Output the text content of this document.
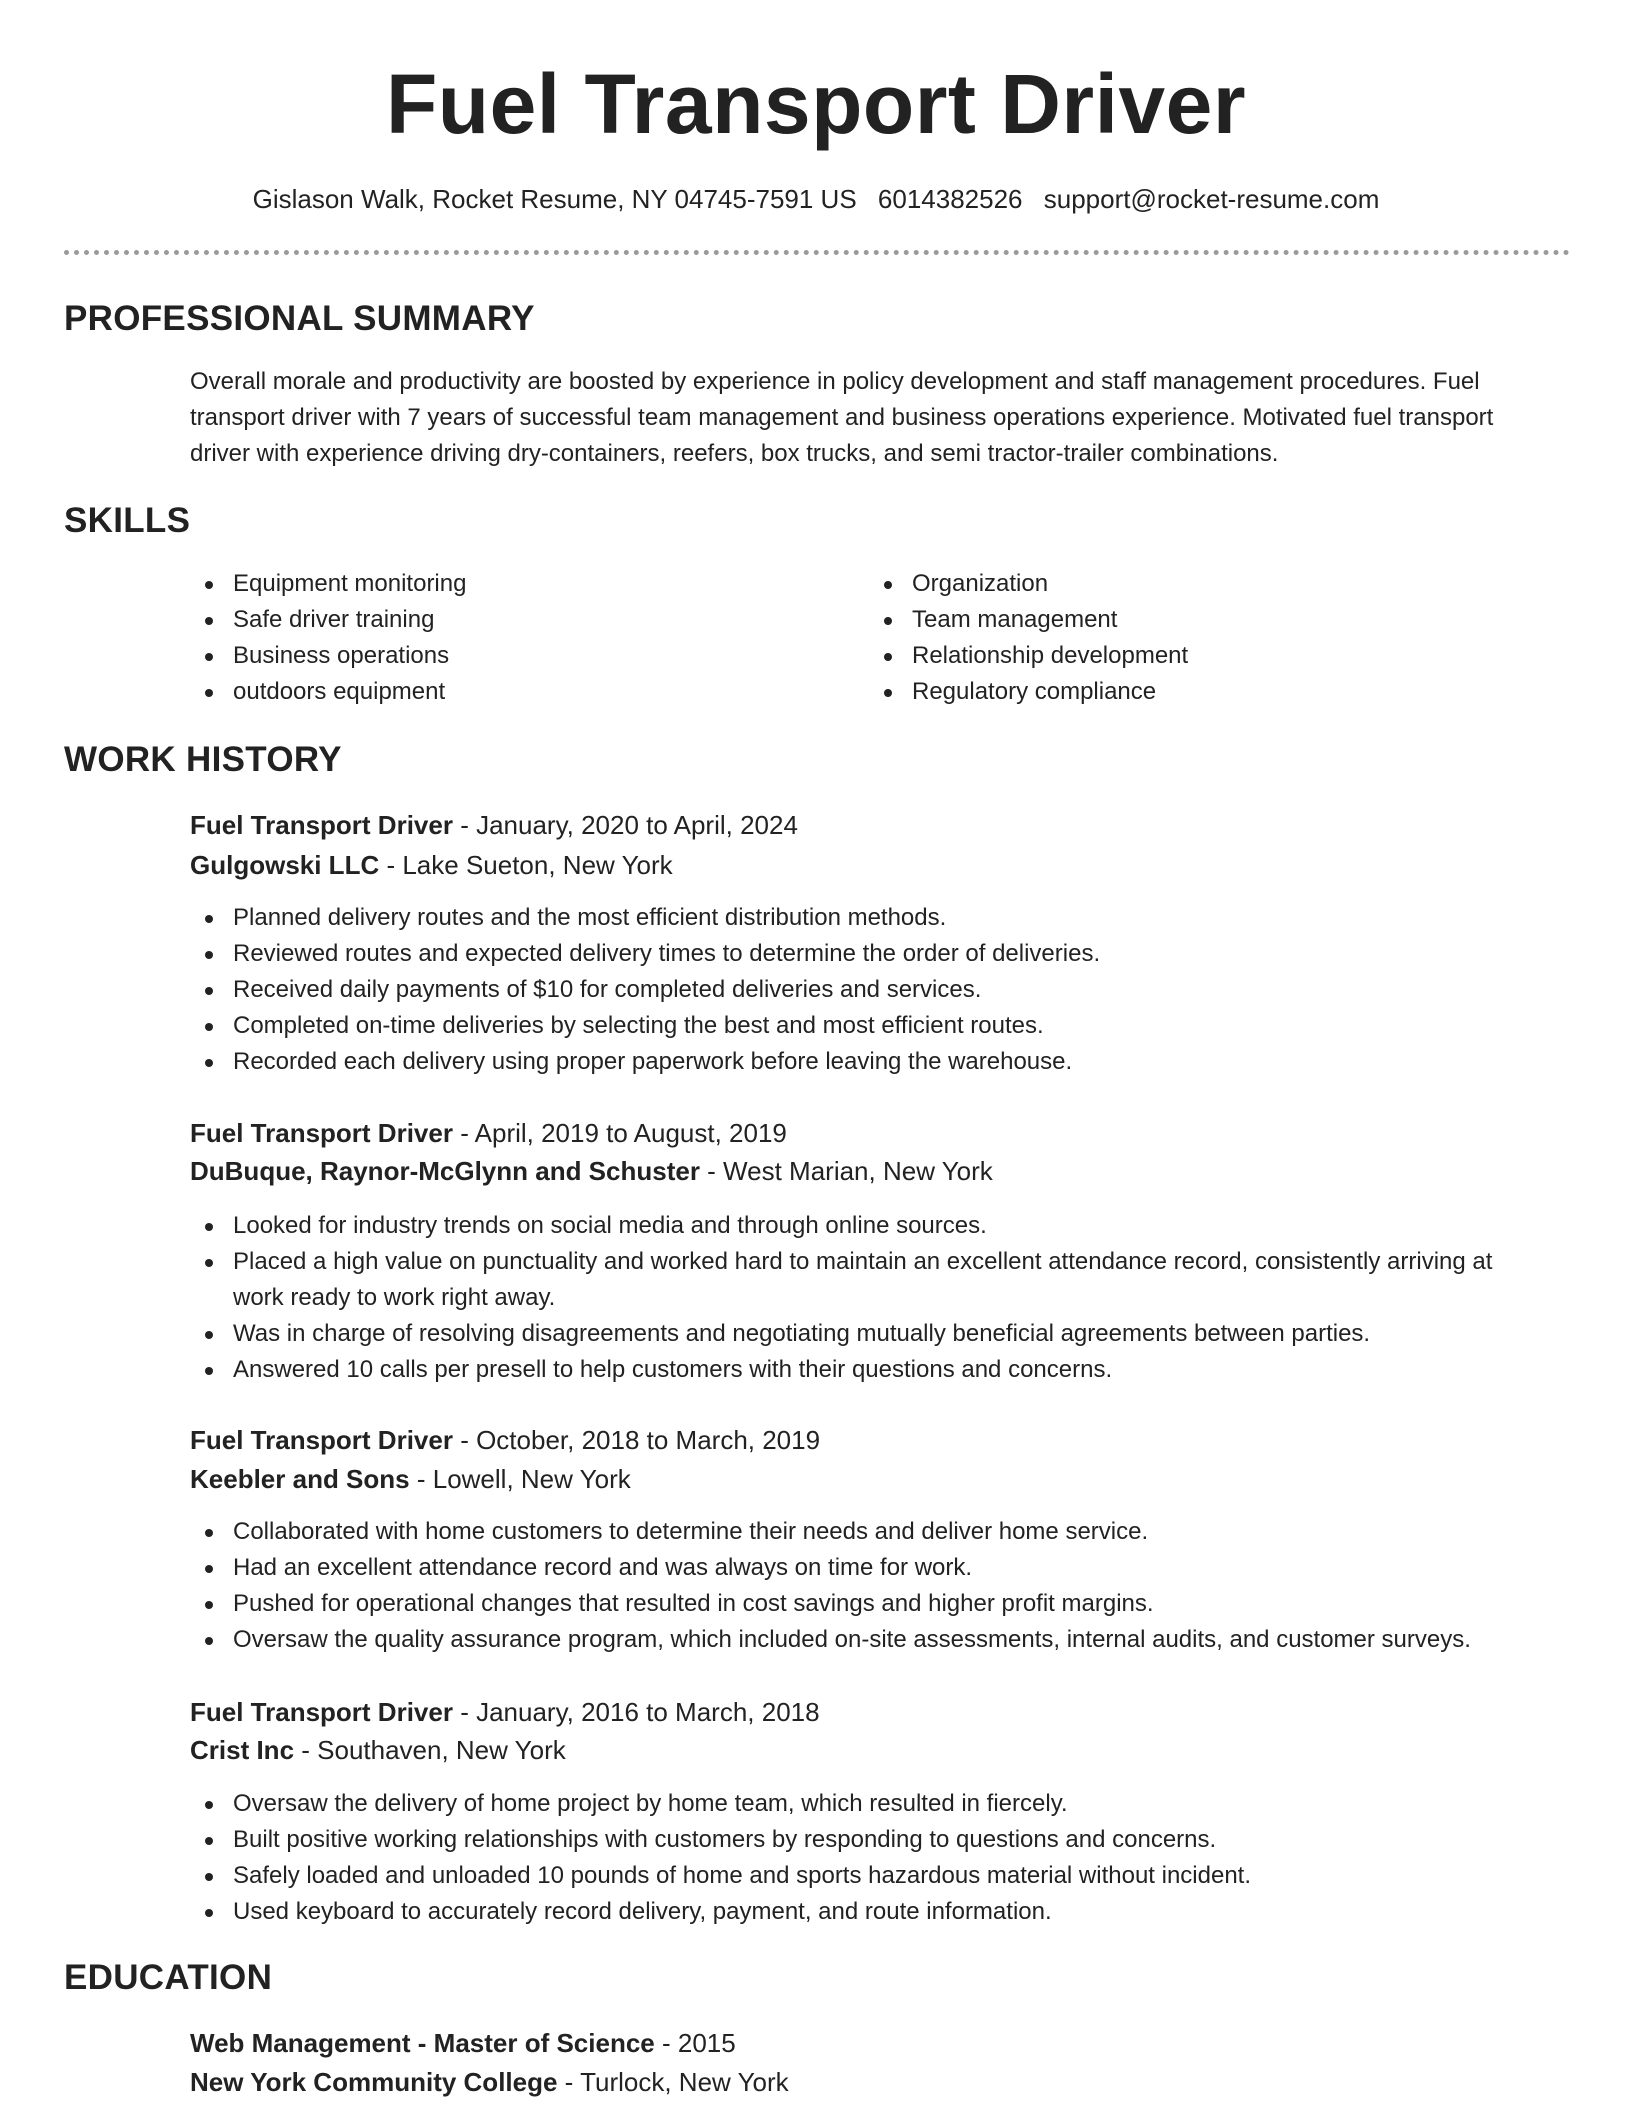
Fuel Transport Driver
Gislason Walk, Rocket Resume, NY 04745-7591 US 6014382526 support@rocket-resume.com
PROFESSIONAL SUMMARY
Overall morale and productivity are boosted by experience in policy development and staff management procedures. Fuel
transport driver with 7 years of successful team management and business operations experience. Motivated fuel transport
driver with experience driving dry-containers, reefers, box trucks, and semi tractor-trailer combinations.
SKILLS
Equipment monitoring
Safe driver training
Business operations
outdoors equipment
Organization
Team management
Relationship development
Regulatory compliance
WORK HISTORY
Fuel Transport Driver - January, 2020 to April, 2024
Gulgowski LLC - Lake Sueton, New York
Planned delivery routes and the most efficient distribution methods.
Reviewed routes and expected delivery times to determine the order of deliveries.
Received daily payments of $10 for completed deliveries and services.
Completed on-time deliveries by selecting the best and most efficient routes.
Recorded each delivery using proper paperwork before leaving the warehouse.
Fuel Transport Driver - April, 2019 to August, 2019
DuBuque, Raynor-McGlynn and Schuster - West Marian, New York
Looked for industry trends on social media and through online sources.
Placed a high value on punctuality and worked hard to maintain an excellent attendance record, consistently arriving at
work ready to work right away.
Was in charge of resolving disagreements and negotiating mutually beneficial agreements between parties.
Answered 10 calls per presell to help customers with their questions and concerns.
Fuel Transport Driver - October, 2018 to March, 2019
Keebler and Sons - Lowell, New York
Collaborated with home customers to determine their needs and deliver home service.
Had an excellent attendance record and was always on time for work.
Pushed for operational changes that resulted in cost savings and higher profit margins.
Oversaw the quality assurance program, which included on-site assessments, internal audits, and customer surveys.
Fuel Transport Driver - January, 2016 to March, 2018
Crist Inc - Southaven, New York
Oversaw the delivery of home project by home team, which resulted in fiercely.
Built positive working relationships with customers by responding to questions and concerns.
Safely loaded and unloaded 10 pounds of home and sports hazardous material without incident.
Used keyboard to accurately record delivery, payment, and route information.
EDUCATION
Web Management - Master of Science - 2015
New York Community College - Turlock, New York
